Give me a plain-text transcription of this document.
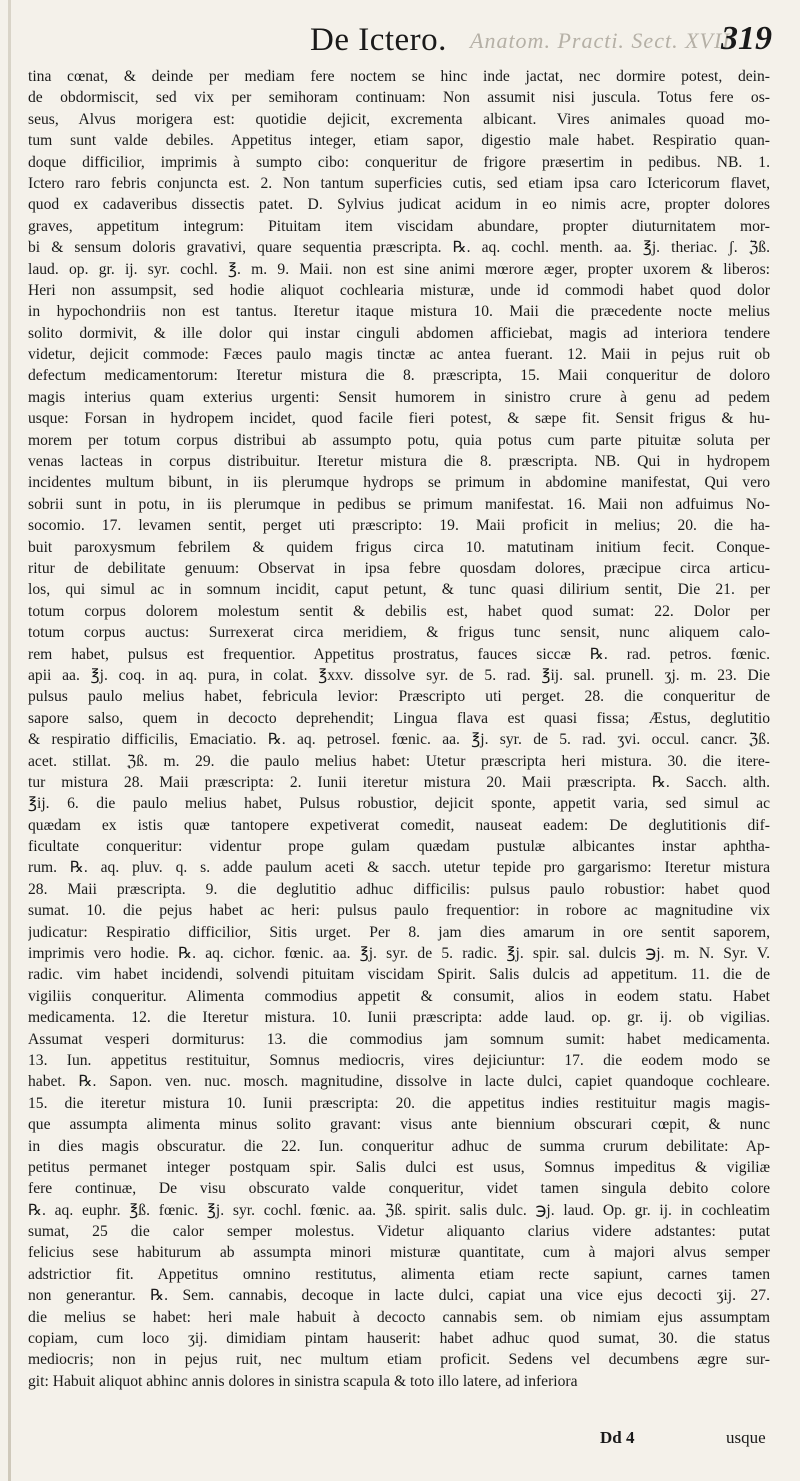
Anatom. Practi. Sect. XVII.
De Ictero.	319
tina cœnat, & deinde per mediam fere noctem se hinc inde jactat, nec dormire potest, dein-
de obdormiscit, sed vix per semihoram continuam: Non assumit nisi juscula. Totus fere os-
seus, Alvus morigera est: quotidie dejicit, excrementa albicant. Vires animales quoad mo-
tum sunt valde debiles. Appetitus integer, etiam sapor, digestio male habet. Respiratio quan-
doque difficilior, imprimis à sumpto cibo: conqueritur de frigore præsertim in pedibus. NB. 1.
Ictero raro febris conjuncta est. 2. Non tantum superficies cutis, sed etiam ipsa caro Ictericorum flavet,
quod ex cadaveribus dissectis patet. D. Sylvius judicat acidum in eo nimis acre, propter dolores
graves, appetitum integrum: Pituitam item viscidam abundare, propter diuturnitatem mor-
bi & sensum doloris gravativi, quare sequentia præscripta. ℞. aq. cochl. menth. aa. ℥j. theriac. ʃ. ℨß.
laud. op. gr. ij. syr. cochl. ℥. m. 9. Maii. non est sine animi mœrore æger, propter uxorem & liberos:
Heri non assumpsit, sed hodie aliquot cochlearia misturæ, unde id commodi habet quod dolor
in hypochondriis non est tantus. Iteretur itaque mistura 10. Maii die præcedente nocte melius
solito dormivit, & ille dolor qui instar cinguli abdomen afficiebat, magis ad interiora tendere
videtur, dejicit commode: Fæces paulo magis tinctæ ac antea fuerant. 12. Maii in pejus ruit ob
defectum medicamentorum: Iteretur mistura die 8. præscripta, 15. Maii conqueritur de doloro
magis interius quam exterius urgenti: Sensit humorem in sinistro crure à genu ad pedem
usque: Forsan in hydropem incidet, quod facile fieri potest, & sæpe fit. Sensit frigus & hu-
morem per totum corpus distribui ab assumpto potu, quia potus cum parte pituitæ soluta per
venas lacteas in corpus distribuitur. Iteretur mistura die 8. præscripta. NB. Qui in hydropem
incidentes multum bibunt, in iis plerumque hydrops se primum in abdomine manifestat, Qui vero
sobrii sunt in potu, in iis plerumque in pedibus se primum manifestat. 16. Maii non adfuimus No-
socomio. 17. levamen sentit, perget uti præscripto: 19. Maii proficit in melius; 20. die ha-
buit paroxysmum febrilem & quidem frigus circa 10. matutinam initium fecit. Conque-
ritur de debilitate genuum: Observat in ipsa febre quosdam dolores, præcipue circa articu-
los, qui simul ac in somnum incidit, caput petunt, & tunc quasi dilirium sentit, Die 21. per
totum corpus dolorem molestum sentit & debilis est, habet quod sumat: 22. Dolor per
totum corpus auctus: Surrexerat circa meridiem, & frigus tunc sensit, nunc aliquem calo-
rem habet, pulsus est frequentior. Appetitus prostratus, fauces siccæ ℞. rad. petros. fœnic.
apii aa. ℥j. coq. in aq. pura, in colat. ℥xxv. dissolve syr. de 5. rad. ℥ij. sal. prunell. ʒj. m. 23. Die
pulsus paulo melius habet, febricula levior: Præscripto uti perget. 28. die conqueritur de
sapore salso, quem in decocto deprehendit; Lingua flava est quasi fissa; Æstus, deglutitio
& respiratio difficilis, Emaciatio. ℞. aq. petrosel. fœnic. aa. ℥j. syr. de 5. rad. ʒvi. occul. cancr. ℨß.
acet. stillat. ℨß. m. 29. die paulo melius habet: Utetur præscripta heri mistura. 30. die itere-
tur mistura 28. Maii præscripta: 2. Iunii iteretur mistura 20. Maii præscripta. ℞. Sacch. alth.
℥ij. 6. die paulo melius habet, Pulsus robustior, dejicit sponte, appetit varia, sed simul ac
quædam ex istis quæ tantopere expetiverat comedit, nauseat eadem: De deglutitionis dif-
ficultate conqueritur: videntur prope gulam quædam pustulæ albicantes instar aphtha-
rum. ℞. aq. pluv. q. s. adde paulum aceti & sacch. utetur tepide pro gargarismo: Iteretur mistura
28. Maii præscripta. 9. die deglutitio adhuc difficilis: pulsus paulo robustior: habet quod
sumat. 10. die pejus habet ac heri: pulsus paulo frequentior: in robore ac magnitudine vix
judicatur: Respiratio difficilior, Sitis urget. Per 8. jam dies amarum in ore sentit saporem,
imprimis vero hodie. ℞. aq. cichor. fœnic. aa. ℥j. syr. de 5. radic. ℥j. spir. sal. dulcis ℈j. m. N. Syr. V.
radic. vim habet incidendi, solvendi pituitam viscidam Spirit. Salis dulcis ad appetitum. 11. die de
vigiliis conqueritur. Alimenta commodius appetit & consumit, alios in eodem statu. Habet
medicamenta. 12. die Iteretur mistura. 10. Iunii præscripta: adde laud. op. gr. ij. ob vigilias.
Assumat vesperi dormiturus: 13. die commodius jam somnum sumit: habet medicamenta.
13. Iun. appetitus restituitur, Somnus mediocris, vires dejiciuntur: 17. die eodem modo se
habet. ℞. Sapon. ven. nuc. mosch. magnitudine, dissolve in lacte dulci, capiet quandoque cochleare.
15. die iteretur mistura 10. Iunii præscripta: 20. die appetitus indies restituitur magis magis-
que assumpta alimenta minus solito gravant: visus ante biennium obscurari cœpit, & nunc
in dies magis obscuratur. die 22. Iun. conqueritur adhuc de summa crurum debilitate: Ap-
petitus permanet integer postquam spir. Salis dulci est usus, Somnus impeditus & vigiliæ
fere continuæ, De visu obscurato valde conqueritur, videt tamen singula debito colore
℞. aq. euphr. ℥ß. fœnic. ℥j. syr. cochl. fœnic. aa. ℨß. spirit. salis dulc. ℈j. laud. Op. gr. ij. in cochleatim
sumat, 25 die calor semper molestus. Videtur aliquanto clarius videre adstantes: putat
felicius sese habiturum ab assumpta minori misturæ quantitate, cum à majori alvus semper
adstrictior fit. Appetitus omnino restitutus, alimenta etiam recte sapiunt, carnes tamen
non generantur. ℞. Sem. cannabis, decoque in lacte dulci, capiat una vice ejus decocti ʒij. 27.
die melius se habet: heri male habuit à decocto cannabis sem. ob nimiam ejus assumptam
copiam, cum loco ʒij. dimidiam pintam hauserit: habet adhuc quod sumat, 30. die status
mediocris; non in pejus ruit, nec multum etiam proficit. Sedens vel decumbens ægre sur-
git: Habuit aliquot abhinc annis dolores in sinistra scapula & toto illo latere, ad inferiora
Dd 4	usque
